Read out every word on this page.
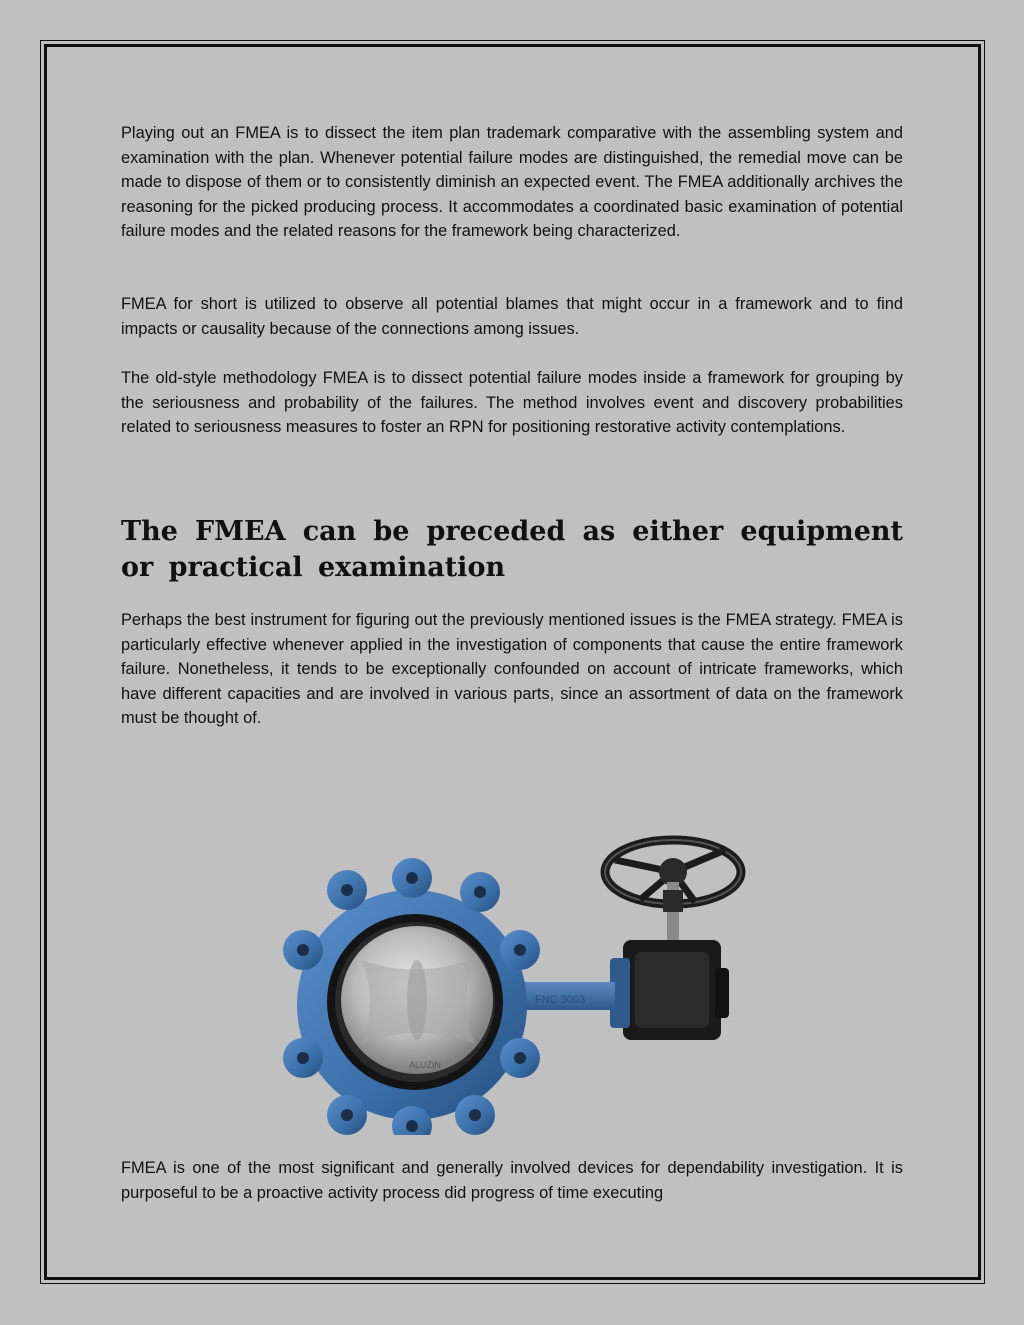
Playing out an FMEA is to dissect the item plan trademark comparative with the assembling system and examination with the plan. Whenever potential failure modes are distinguished, the remedial move can be made to dispose of them or to consistently diminish an expected event. The FMEA additionally archives the reasoning for the picked producing process. It accommodates a coordinated basic examination of potential failure modes and the related reasons for the framework being characterized.

FMEA for short is utilized to observe all potential blames that might occur in a framework and to find impacts or causality because of the connections among issues.

The old-style methodology FMEA is to dissect potential failure modes inside a framework for grouping by the seriousness and probability of the failures. The method involves event and discovery probabilities related to seriousness measures to foster an RPN for positioning restorative activity contemplations.

The FMEA can be preceded as either equipment or practical examination

Perhaps the best instrument for figuring out the previously mentioned issues is the FMEA strategy. FMEA is particularly effective whenever applied in the investigation of components that cause the entire framework failure. Nonetheless, it tends to be exceptionally confounded on account of intricate frameworks, which have different capacities and are involved in various parts, since an assortment of data on the framework must be thought of.

FNC 3003
ALUZIN

FMEA is one of the most significant and generally involved devices for dependability investigation. It is purposeful to be a proactive activity process did progress of time executing
